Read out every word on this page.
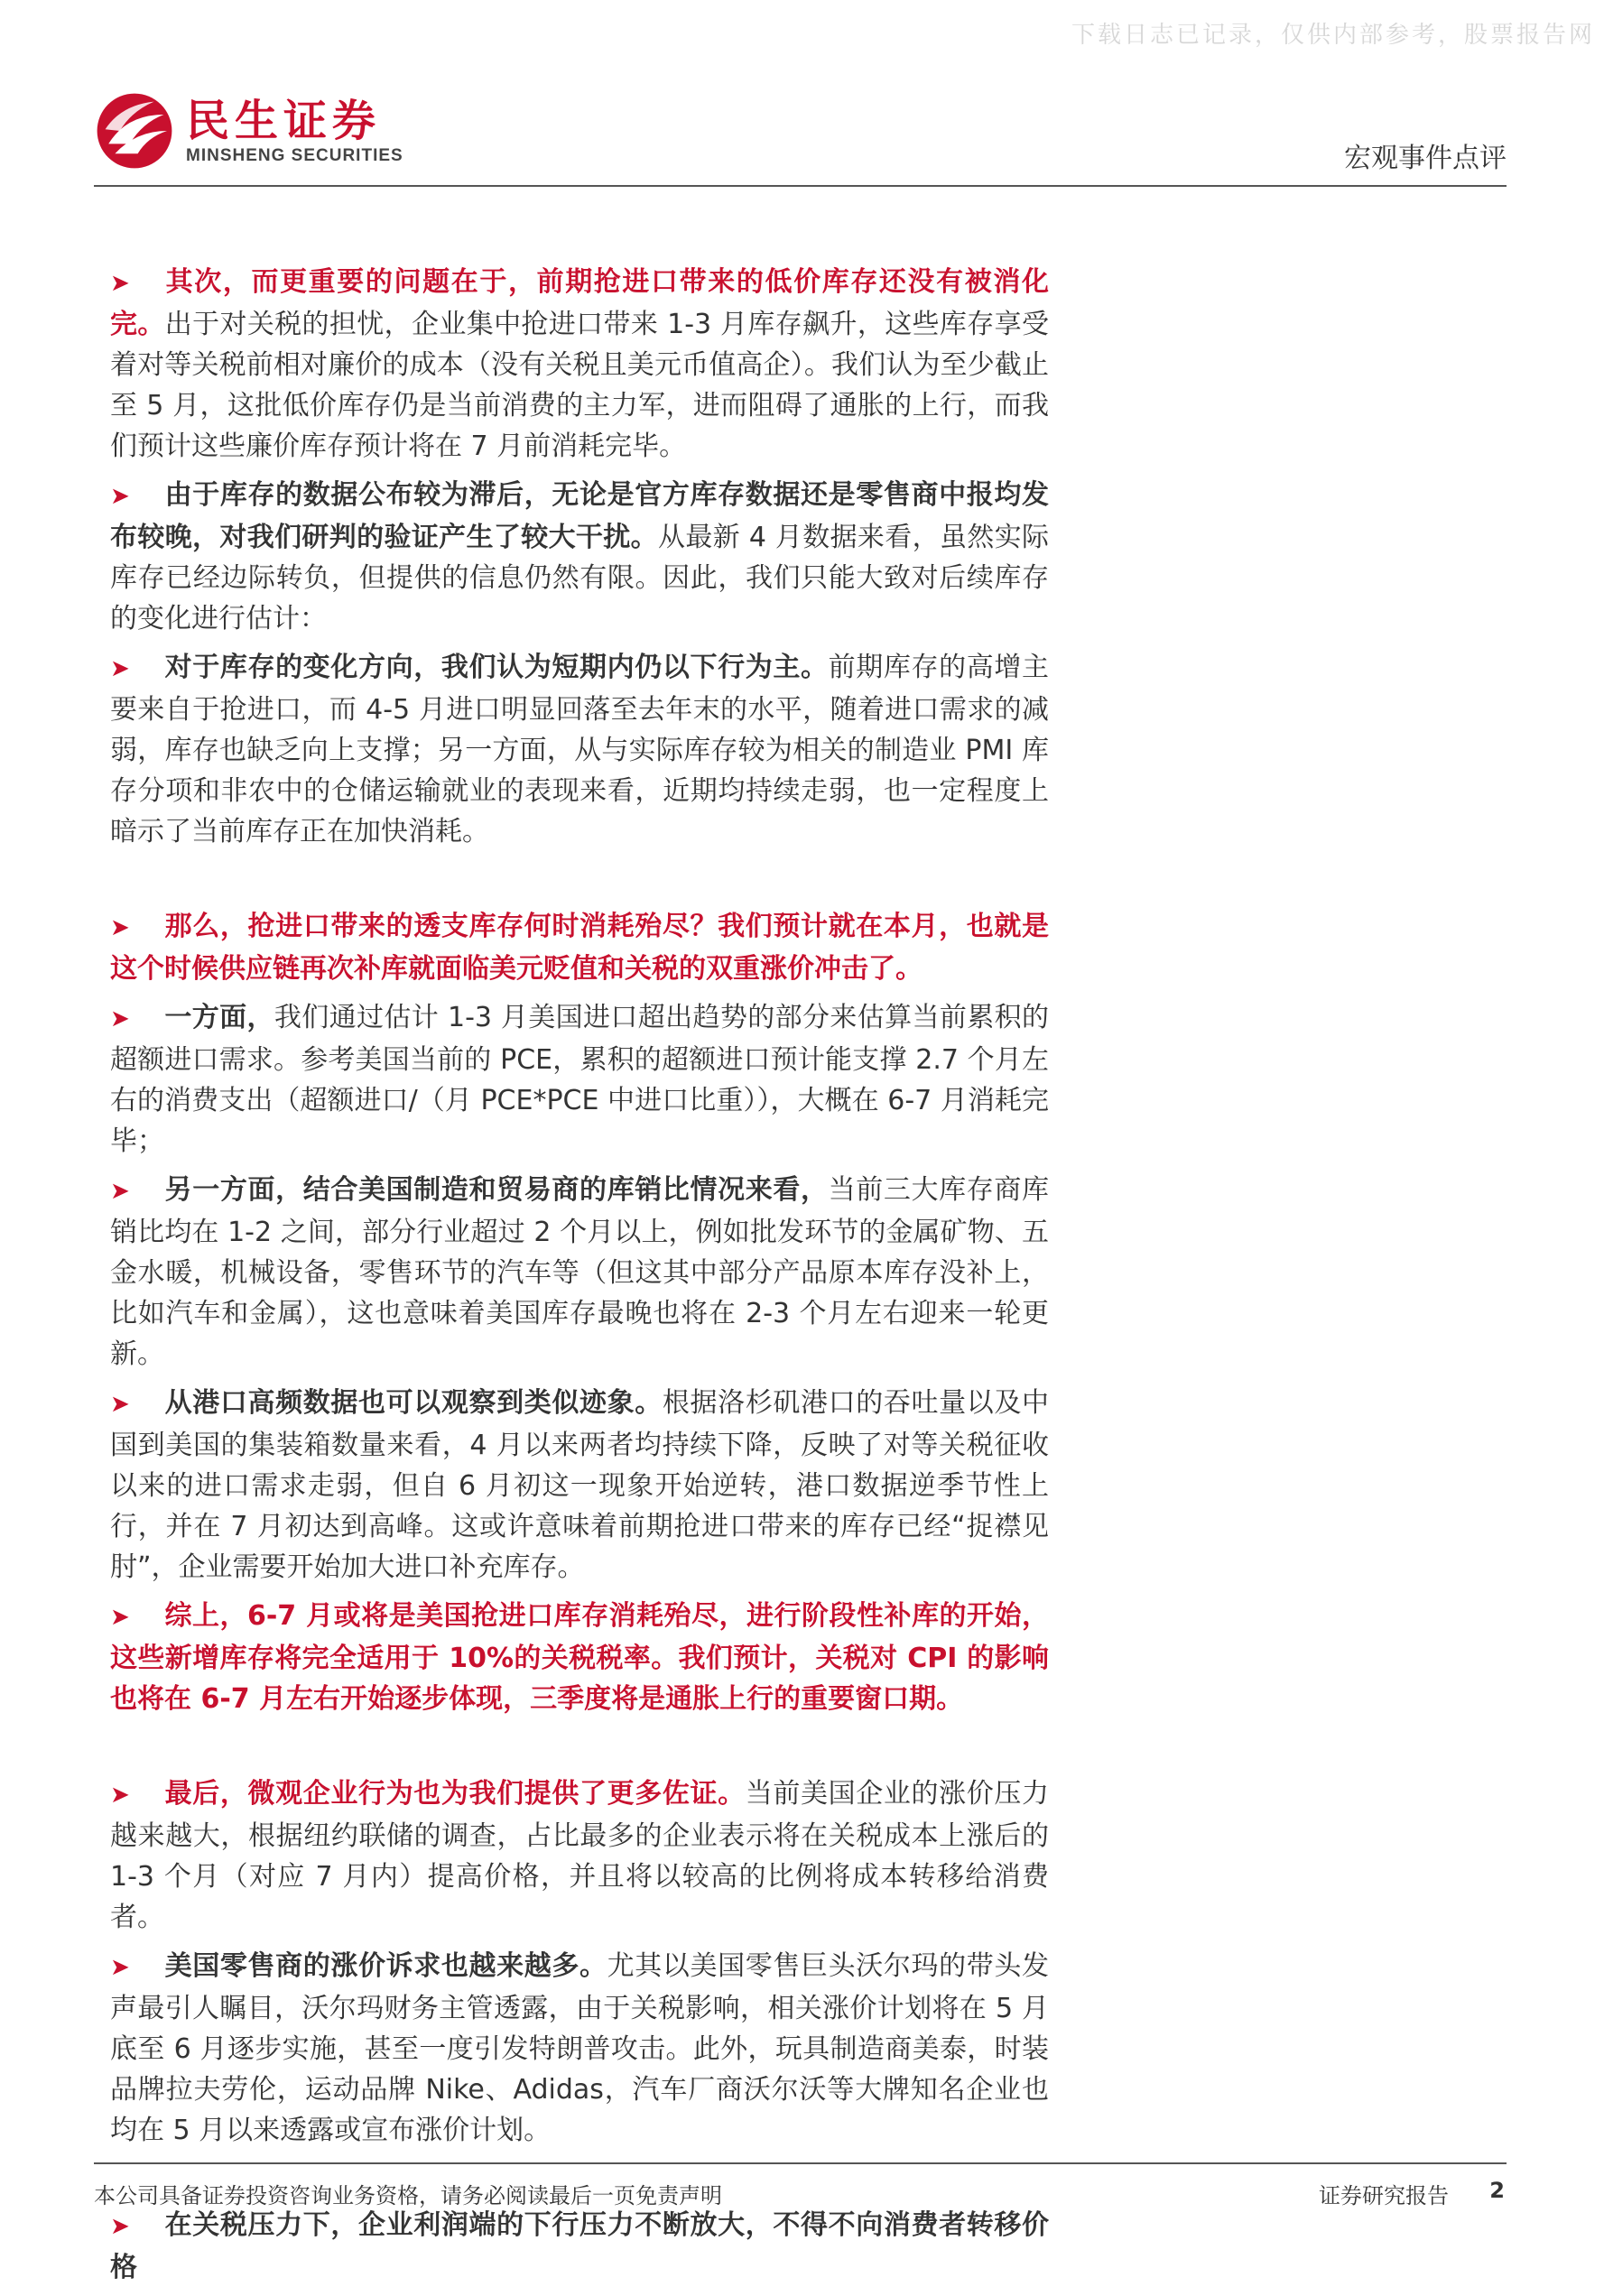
下载日志已记录，仅供内部参考，股票报告网
民生证券
MINSHENG SECURITIES	宏观事件点评

➤ 其次，而更重要的问题在于，前期抢进口带来的低价库存还没有被消化完。出于对关税的担忧，企业集中抢进口带来 1-3 月库存飙升，这些库存享受着对等关税前相对廉价的成本（没有关税且美元币值高企）。我们认为至少截止至 5 月，这批低价库存仍是当前消费的主力军，进而阻碍了通胀的上行，而我们预计这些廉价库存预计将在 7 月前消耗完毕。

➤ 由于库存的数据公布较为滞后，无论是官方库存数据还是零售商中报均发布较晚，对我们研判的验证产生了较大干扰。从最新 4 月数据来看，虽然实际库存已经边际转负，但提供的信息仍然有限。因此，我们只能大致对后续库存的变化进行估计：

➤ 对于库存的变化方向，我们认为短期内仍以下行为主。前期库存的高增主要来自于抢进口，而 4-5 月进口明显回落至去年末的水平，随着进口需求的减弱，库存也缺乏向上支撑；另一方面，从与实际库存较为相关的制造业 PMI 库存分项和非农中的仓储运输就业的表现来看，近期均持续走弱，也一定程度上暗示了当前库存正在加快消耗。

➤ 那么，抢进口带来的透支库存何时消耗殆尽？我们预计就在本月，也就是这个时候供应链再次补库就面临美元贬值和关税的双重涨价冲击了。

➤ 一方面，我们通过估计 1-3 月美国进口超出趋势的部分来估算当前累积的超额进口需求。参考美国当前的 PCE，累积的超额进口预计能支撑 2.7 个月左右的消费支出（超额进口/（月 PCE*PCE 中进口比重）），大概在 6-7 月消耗完毕；

➤ 另一方面，结合美国制造和贸易商的库销比情况来看，当前三大库存商库销比均在 1-2 之间，部分行业超过 2 个月以上，例如批发环节的金属矿物、五金水暖，机械设备，零售环节的汽车等（但这其中部分产品原本库存没补上，比如汽车和金属），这也意味着美国库存最晚也将在 2-3 个月左右迎来一轮更新。

➤ 从港口高频数据也可以观察到类似迹象。根据洛杉矶港口的吞吐量以及中国到美国的集装箱数量来看，4 月以来两者均持续下降，反映了对等关税征收以来的进口需求走弱，但自 6 月初这一现象开始逆转，港口数据逆季节性上行，并在 7 月初达到高峰。这或许意味着前期抢进口带来的库存已经“捉襟见肘”，企业需要开始加大进口补充库存。

➤ 综上，6-7 月或将是美国抢进口库存消耗殆尽，进行阶段性补库的开始，这些新增库存将完全适用于 10%的关税税率。我们预计，关税对 CPI 的影响也将在 6-7 月左右开始逐步体现，三季度将是通胀上行的重要窗口期。

➤ 最后，微观企业行为也为我们提供了更多佐证。当前美国企业的涨价压力越来越大，根据纽约联储的调查，占比最多的企业表示将在关税成本上涨后的 1-3 个月（对应 7 月内）提高价格，并且将以较高的比例将成本转移给消费者。

➤ 美国零售商的涨价诉求也越来越多。尤其以美国零售巨头沃尔玛的带头发声最引人瞩目，沃尔玛财务主管透露，由于关税影响，相关涨价计划将在 5 月底至 6 月逐步实施，甚至一度引发特朗普攻击。此外，玩具制造商美泰，时装品牌拉夫劳伦，运动品牌 Nike、Adidas，汽车厂商沃尔沃等大牌知名企业也均在 5 月以来透露或宣布涨价计划。

➤ 在关税压力下，企业利润端的下行压力不断放大，不得不向消费者转移价格

本公司具备证券投资咨询业务资格，请务必阅读最后一页免责声明	证券研究报告 2
